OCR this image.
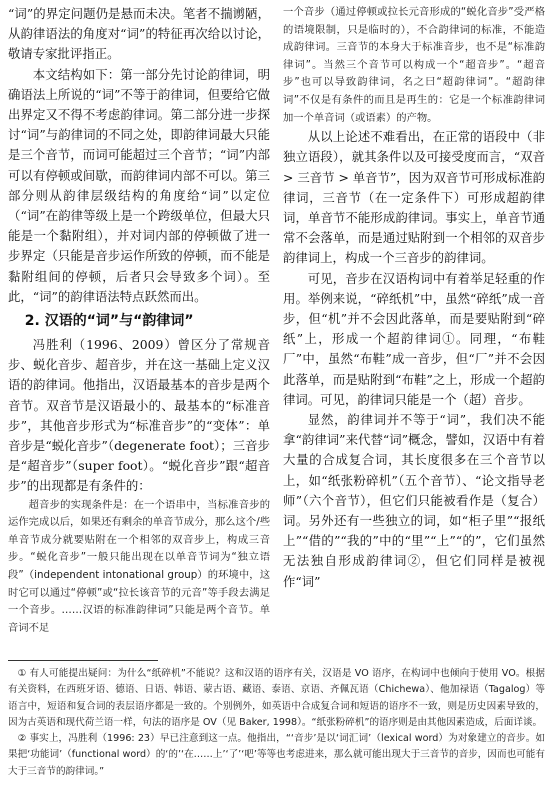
“词”的界定问题仍是悬而未决。笔者不揣谫陋，从韵律语法的角度对“词”的特征再次给以讨论，敬请专家批评指正。

本文结构如下：第一部分先讨论韵律词，明确语法上所说的“词”不等于韵律词，但要给它做出界定又不得不考虑韵律词。第二部分进一步探讨“词”与韵律词的不同之处，即韵律词最大只能是三个音节，而词可能超过三个音节；“词”内部可以有停顿或间歇，而韵律词内部不可以。第三部分则从韵律层级结构的角度给“词”以定位（“词”在韵律等级上是一个跨级单位，但最大只能是一个黏附组），并对词内部的停顿做了进一步界定（只能是音步运作所致的停顿，而不能是黏附组间的停顿，后者只会导致多个词）。至此，“词”的韵律语法特点跃然而出。

2. 汉语的“词”与“韵律词”

冯胜利（1996、2009）曾区分了常规音步、蜕化音步、超音步，并在这一基础上定义汉语的韵律词。他指出，汉语最基本的音步是两个音节。双音节是汉语最小的、最基本的“标准音步”，其他音步形式为“标准音步”的“变体”：单音步是“蜕化音步”（degenerate foot）；三音步是“超音步”（super foot）。“蜕化音步”跟“超音步”的出现都是有条件的：

超音步的实现条件是：在一个语串中，当标准音步的运作完成以后，如果还有剩余的单音节成分，那么这个/些单音节成分就要贴附在一个相邻的双音步上，构成三音步。“蜕化音步”一般只能出现在以单音节词为“独立语段”（independent intonational group）的环境中，这时它可以通过“停顿”或“拉长该音节的元音”等手段去满足一个音步。……汉语的标准韵律词”只能是两个音节。单音词不足

一个音步（通过停顿或拉长元音形成的“蜕化音步”受严格的语境限制，只是临时的），不合韵律词的标准，不能造成韵律词。三音节的本身大于标准音步，也不是“标准韵律词”。当然三个音节可以构成一个“超音步”。“超音步”也可以导致韵律词，名之曰“超韵律词”。“超韵律词”不仅是有条件的而且是再生的：它是一个标准韵律词加一个单音词（或语素）的产物。

从以上论述不难看出，在正常的语段中（非独立语段），就其条件以及可接受度而言，“双音 > 三音节 > 单音节”，因为双音节可形成标准韵律词，三音节（在一定条件下）可形成超韵律词，单音节不能形成韵律词。事实上，单音节通常不会落单，而是通过贴附到一个相邻的双音步韵律词上，构成一个三音步的韵律词。

可见，音步在汉语构词中有着举足轻重的作用。举例来说，“碎纸机”中，虽然“碎纸”成一音步，但“机”并不会因此落单，而是要贴附到“碎纸”上，形成一个超韵律词①。同理，“布鞋厂”中，虽然“布鞋”成一音步，但“厂”并不会因此落单，而是贴附到“布鞋”之上，形成一个超韵律词。可见，韵律词只能是一个（超）音步。

显然，韵律词并不等于“词”，我们决不能拿“韵律词”来代替“词”概念，譬如，汉语中有着大量的合成复合词，其长度很多在三个音节以上，如“纸张粉碎机”（五个音节）、“论文指导老师”（六个音节），但它们只能被看作是（复合）词。另外还有一些独立的词，如“柜子里”“报纸上”“借的”“我的”中的“里”“上”“的”，它们虽然无法独自形成韵律词②，但它们同样是被视作“词”

① 有人可能提出疑问：为什么“纸碎机”不能说？这和汉语的语序有关，汉语是 VO 语序，在构词中也倾向于使用 VO。根据有关资料，在西班牙语、德语、日语、韩语、蒙古语、藏语、泰语、京语、齐佩瓦语（Chichewa）、他加禄语（Tagalog）等语言中，短语和复合词的表层语序都是一致的。个别例外，如英语中合成复合词和短语的语序不一致，则是历史因素导致的，因为古英语和现代荷兰语一样，句法的语序是 OV（见 Baker, 1998）。“纸张粉碎机”的语序则是由其他因素造成，后面详谈。

② 事实上，冯胜利（1996: 23）早已注意到这一点。他指出，“‘音步’是以‘词汇词’（lexical word）为对象建立的音步。如果把‘功能词’（functional word）的‘的’‘在……上’‘了’‘吧’等等也考虑进来，那么就可能出现大于三音节的音步，因而也可能有大于三音节的韵律词。”
